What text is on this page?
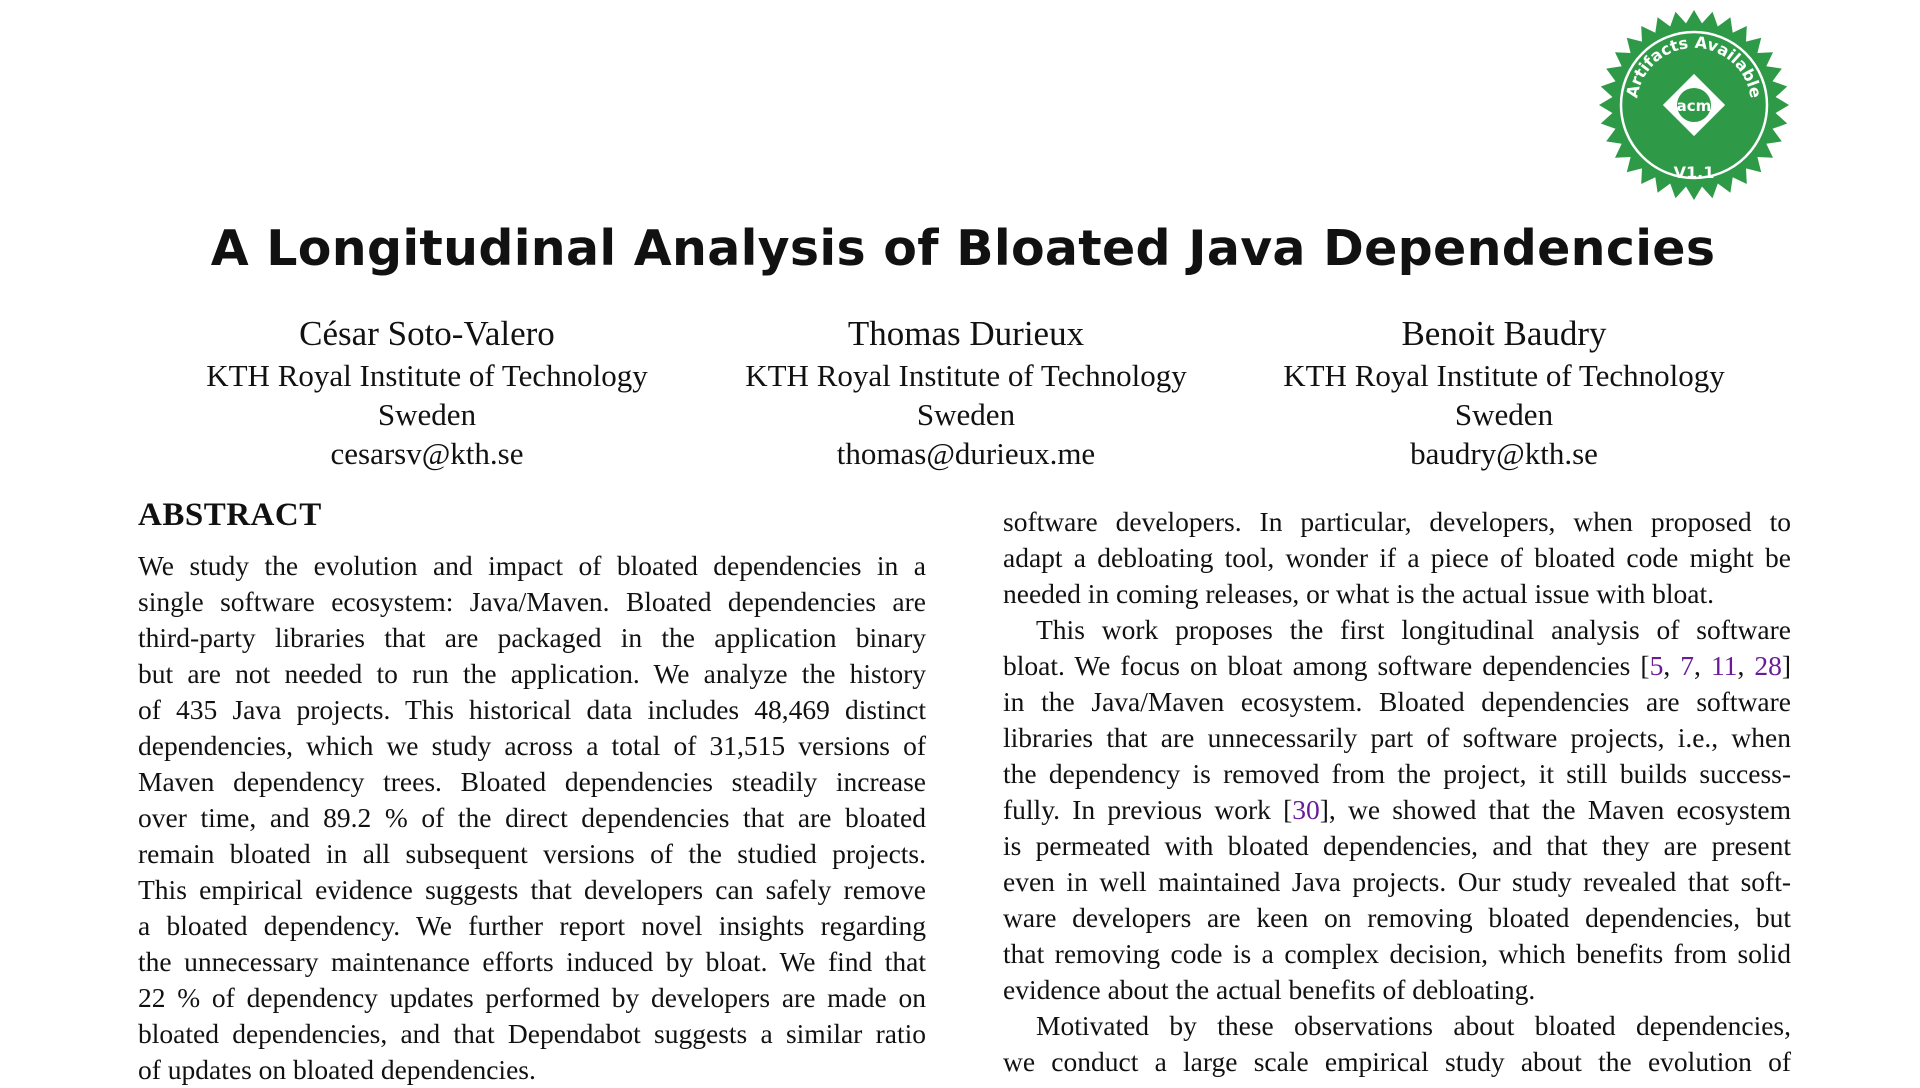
Artifacts Available
acm
V1.1
A Longitudinal Analysis of Bloated Java Dependencies
César Soto-Valero
KTH Royal Institute of Technology
Sweden
cesarsv@kth.se
Thomas Durieux
KTH Royal Institute of Technology
Sweden
thomas@durieux.me
Benoit Baudry
KTH Royal Institute of Technology
Sweden
baudry@kth.se
ABSTRACT
We study the evolution and impact of bloated dependencies in a
single software ecosystem: Java/Maven. Bloated dependencies are
third-party libraries that are packaged in the application binary
but are not needed to run the application. We analyze the history
of 435 Java projects. This historical data includes 48,469 distinct
dependencies, which we study across a total of 31,515 versions of
Maven dependency trees. Bloated dependencies steadily increase
over time, and 89.2 % of the direct dependencies that are bloated
remain bloated in all subsequent versions of the studied projects.
This empirical evidence suggests that developers can safely remove
a bloated dependency. We further report novel insights regarding
the unnecessary maintenance efforts induced by bloat. We find that
22 % of dependency updates performed by developers are made on
bloated dependencies, and that Dependabot suggests a similar ratio
of updates on bloated dependencies.
software developers. In particular, developers, when proposed to
adapt a debloating tool, wonder if a piece of bloated code might be
needed in coming releases, or what is the actual issue with bloat.
This work proposes the first longitudinal analysis of software
bloat. We focus on bloat among software dependencies [5, 7, 11, 28]
in the Java/Maven ecosystem. Bloated dependencies are software
libraries that are unnecessarily part of software projects, i.e., when
the dependency is removed from the project, it still builds success-
fully. In previous work [30], we showed that the Maven ecosystem
is permeated with bloated dependencies, and that they are present
even in well maintained Java projects. Our study revealed that soft-
ware developers are keen on removing bloated dependencies, but
that removing code is a complex decision, which benefits from solid
evidence about the actual benefits of debloating.
Motivated by these observations about bloated dependencies,
we conduct a large scale empirical study about the evolution of
